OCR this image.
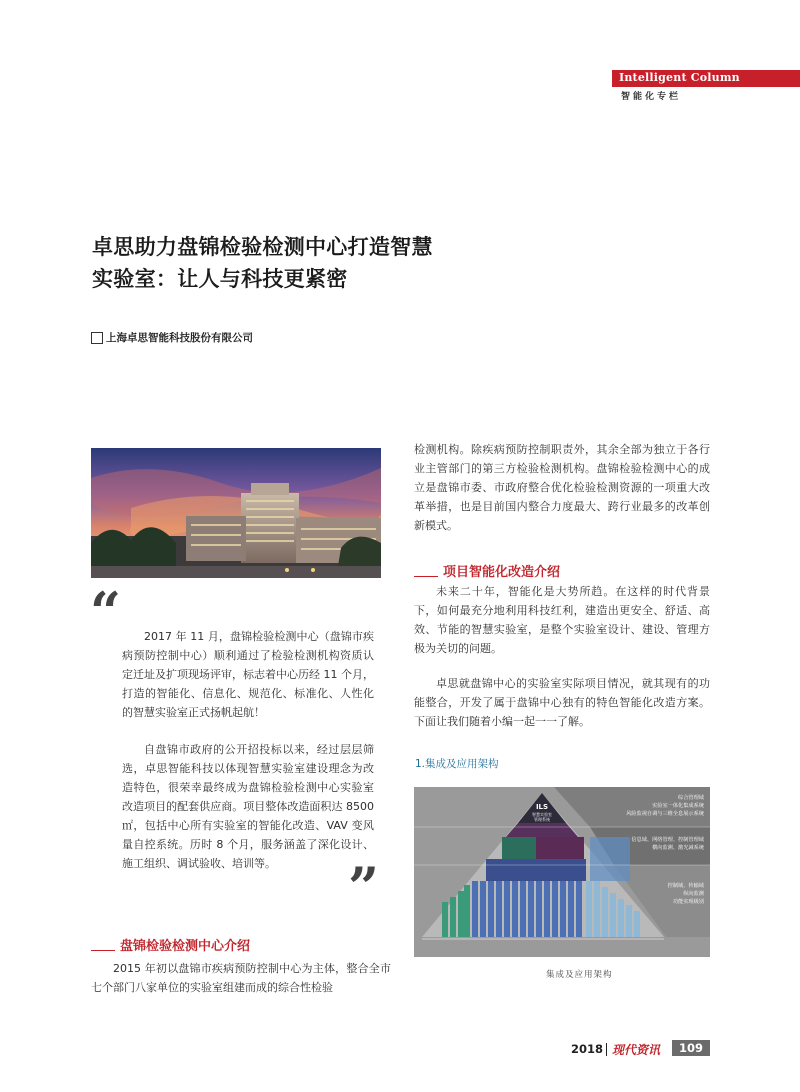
Intelligent Column
智能化专栏
卓思助力盘锦检验检测中心打造智慧
实验室：让人与科技更紧密
上海卓思智能科技股份有限公司
“	2017 年 11 月，盘锦检验检测中心（盘锦市疾病预防控制中心）顺利通过了检验检测机构资质认定迁址及扩项现场评审，标志着中心历经 11 个月，打造的智能化、信息化、规范化、标准化、人性化的智慧实验室正式扬帆起航！

自盘锦市政府的公开招投标以来，经过层层筛选，卓思智能科技以体现智慧实验室建设理念为改造特色，很荣幸最终成为盘锦检验检测中心实验室改造项目的配套供应商。项目整体改造面积达 8500㎡，包括中心所有实验室的智能化改造、VAV 变风量自控系统。历时 8 个月，服务涵盖了深化设计、施工组织、调试验收、培训等。	”
盘锦检验检测中心介绍

2015 年初以盘锦市疾病预防控制中心为主体，整合全市七个部门八家单位的实验室组建而成的综合性检验

检测机构。除疾病预防控制职责外，其余全部为独立于各行业主管部门的第三方检验检测机构。盘锦检验检测中心的成立是盘锦市委、市政府整合优化检验检测资源的一项重大改革举措，也是目前国内整合力度最大、跨行业最多的改革创新模式。

项目智能化改造介绍

未来二十年，智能化是大势所趋。在这样的时代背景下，如何最充分地利用科技红利，建造出更安全、舒适、高效、节能的智慧实验室，是整个实验室设计、建设、管理方极为关切的问题。

卓思就盘锦中心的实验室实际项目情况，就其现有的功能整合，开发了属于盘锦中心独有的特色智能化改造方案。下面让我们随着小编一起一一了解。

1.集成及应用架构
ILS
智慧实验室
管理系统
综合管理域
实验室一体化集成系统
风险监视自调与三维全息展示系统
信息域、网络管理、控制管理域
横向监测、激光减系统
控制域、传输域
纵向监测
功能实现级别
集成及应用架构
2018 现代资讯	109
